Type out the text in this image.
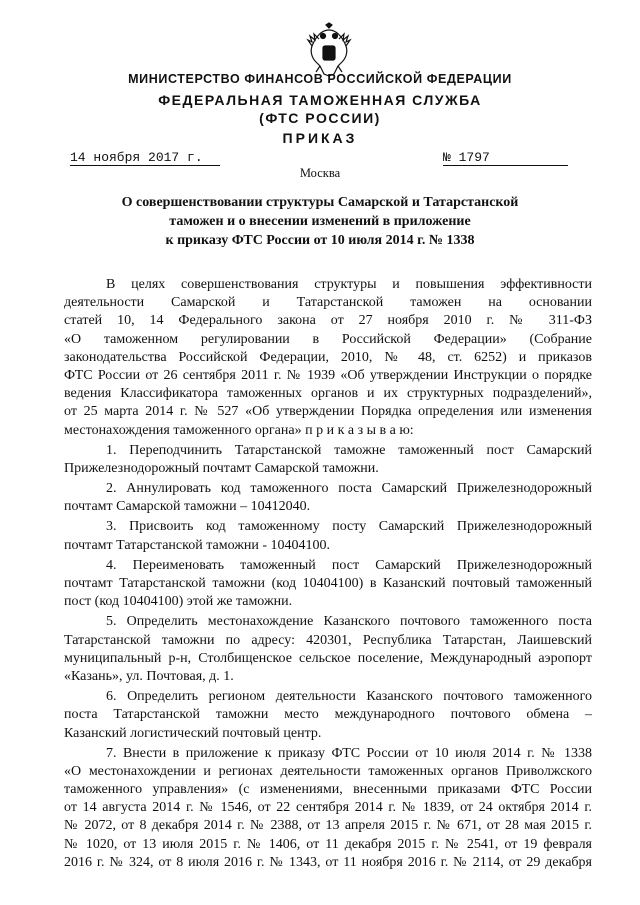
МИНИСТЕРСТВО ФИНАНСОВ РОССИЙСКОЙ ФЕДЕРАЦИИ
ФЕДЕРАЛЬНАЯ ТАМОЖЕННАЯ СЛУЖБА
(ФТС РОССИИ)
ПРИКАЗ
14 ноября 2017 г.	№ 1797
Москва
О совершенствовании структуры Самарской и Татарстанской
таможен и о внесении изменений в приложение
к приказу ФТС России от 10 июля 2014 г. № 1338
В целях совершенствования структуры и повышения эффективности
деятельности Самарской и Татарстанской таможен на основании
статей 10, 14 Федерального закона от 27 ноября 2010 г. № 311-ФЗ
«О таможенном регулировании в Российской Федерации» (Собрание
законодательства Российской Федерации, 2010, № 48, ст. 6252) и приказов
ФТС России от 26 сентября 2011 г. № 1939 «Об утверждении Инструкции о порядке
ведения Классификатора таможенных органов и их структурных подразделений»,
от 25 марта 2014 г. № 527 «Об утверждении Порядка определения или изменения
местонахождения таможенного органа» п р и к а з ы в а ю:
1. Переподчинить Татарстанской таможне таможенный пост Самарский
Прижелезнодорожный почтамт Самарской таможни.
2. Аннулировать код таможенного поста Самарский Прижелезнодорожный
почтамт Самарской таможни – 10412040.
3. Присвоить код таможенному посту Самарский Прижелезнодорожный
почтамт Татарстанской таможни - 10404100.
4. Переименовать таможенный пост Самарский Прижелезнодорожный
почтамт Татарстанской таможни (код 10404100) в Казанский почтовый таможенный
пост (код 10404100) этой же таможни.
5. Определить местонахождение Казанского почтового таможенного поста
Татарстанской таможни по адресу: 420301, Республика Татарстан, Лаишевский
муниципальный р-н, Столбищенское сельское поселение, Международный аэропорт
«Казань», ул. Почтовая, д. 1.
6. Определить регионом деятельности Казанского почтового таможенного
поста Татарстанской таможни место международного почтового обмена –
Казанский логистический почтовый центр.
7. Внести в приложение к приказу ФТС России от 10 июля 2014 г. № 1338
«О местонахождении и регионах деятельности таможенных органов Приволжского
таможенного управления» (с изменениями, внесенными приказами ФТС России
от 14 августа 2014 г. № 1546, от 22 сентября 2014 г. № 1839, от 24 октября 2014 г.
№ 2072, от 8 декабря 2014 г. № 2388, от 13 апреля 2015 г. № 671, от 28 мая 2015 г.
№ 1020, от 13 июля 2015 г. № 1406, от 11 декабря 2015 г. № 2541, от 19 февраля
2016 г. № 324, от 8 июля 2016 г. № 1343, от 11 ноября 2016 г. № 2114, от 29 декабря
